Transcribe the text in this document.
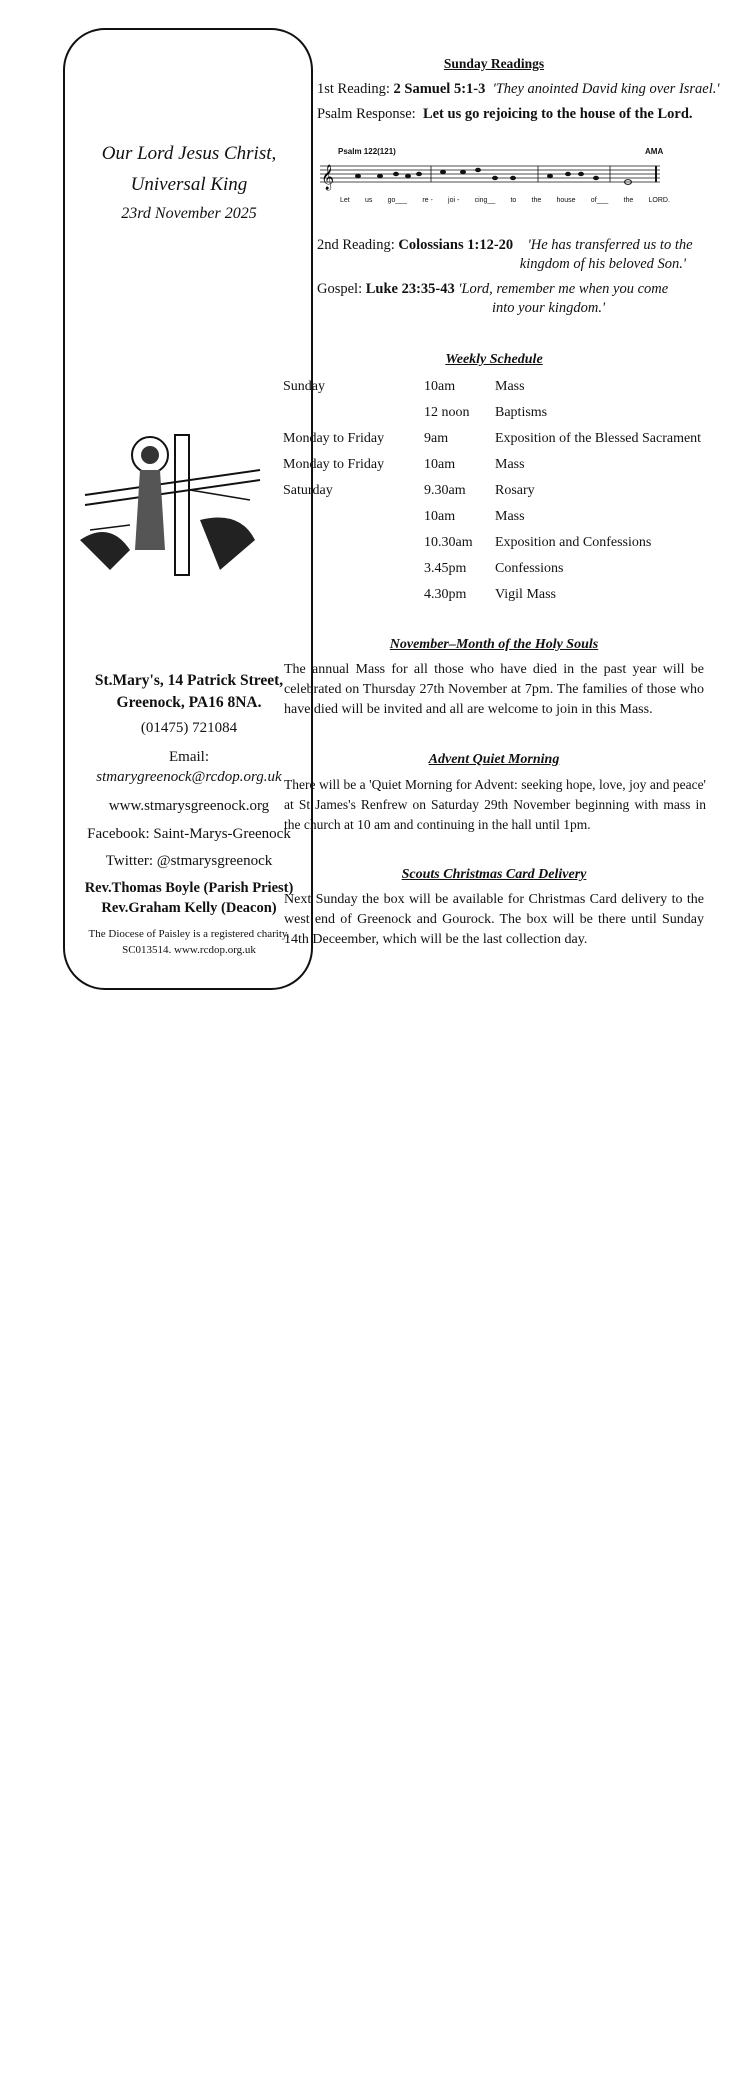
Our Lord Jesus Christ,
Universal King
23rd November 2025
St.Mary's, 14 Patrick Street,
Greenock, PA16 8NA.
(01475) 721084
Email:
stmarygreenock@rcdop.org.uk
www.stmarysgreenock.org
Facebook: Saint-Marys-Greenock
Twitter: @stmarysgreenock
Rev.Thomas Boyle (Parish Priest)
Rev.Graham Kelly (Deacon)
The Diocese of Paisley is a registered charity,
SC013514. www.rcdop.org.uk
Sunday Readings
1st Reading: 2 Samuel 5:1-3 'They anointed David king over Israel.'
Psalm Response:  Let us go rejoicing to the house of the Lord.
Psalm 122(121)	AMA
𝄞
Let us go___ re - joi - cing__ to the house of___ the LORD.
2nd Reading: Colossians 1:12-20 'He has transferred us to the
kingdom of his beloved Son.'
Gospel: Luke 23:35-43 'Lord, remember me when you come
into your kingdom.'
Weekly Schedule
Sunday	10am	Mass
12 noon Baptisms
Monday to Friday	9am	Exposition of the Blessed Sacrament
Monday to Friday	10am	Mass
Saturday	9.30am Rosary
10am	Mass
10.30am Exposition and Confessions
3.45pm Confessions
4.30pm Vigil Mass
November–Month of the Holy Souls
The annual Mass for all those who have died in the past year will be celebrated on Thursday 27th November at 7pm. The families of those who have died will be invited and all are welcome to join in this Mass.
Advent Quiet Morning
There will be a 'Quiet Morning for Advent: seeking hope, love, joy and peace' at St James's Renfrew on Saturday 29th November beginning with mass in the church at 10 am and continuing in the hall until 1pm.
Scouts Christmas Card Delivery
Next Sunday the box will be available for Christmas Card delivery to the west end of Greenock and Gourock. The box will be there until Sunday 14th Deceember, which will be the last collection day.
